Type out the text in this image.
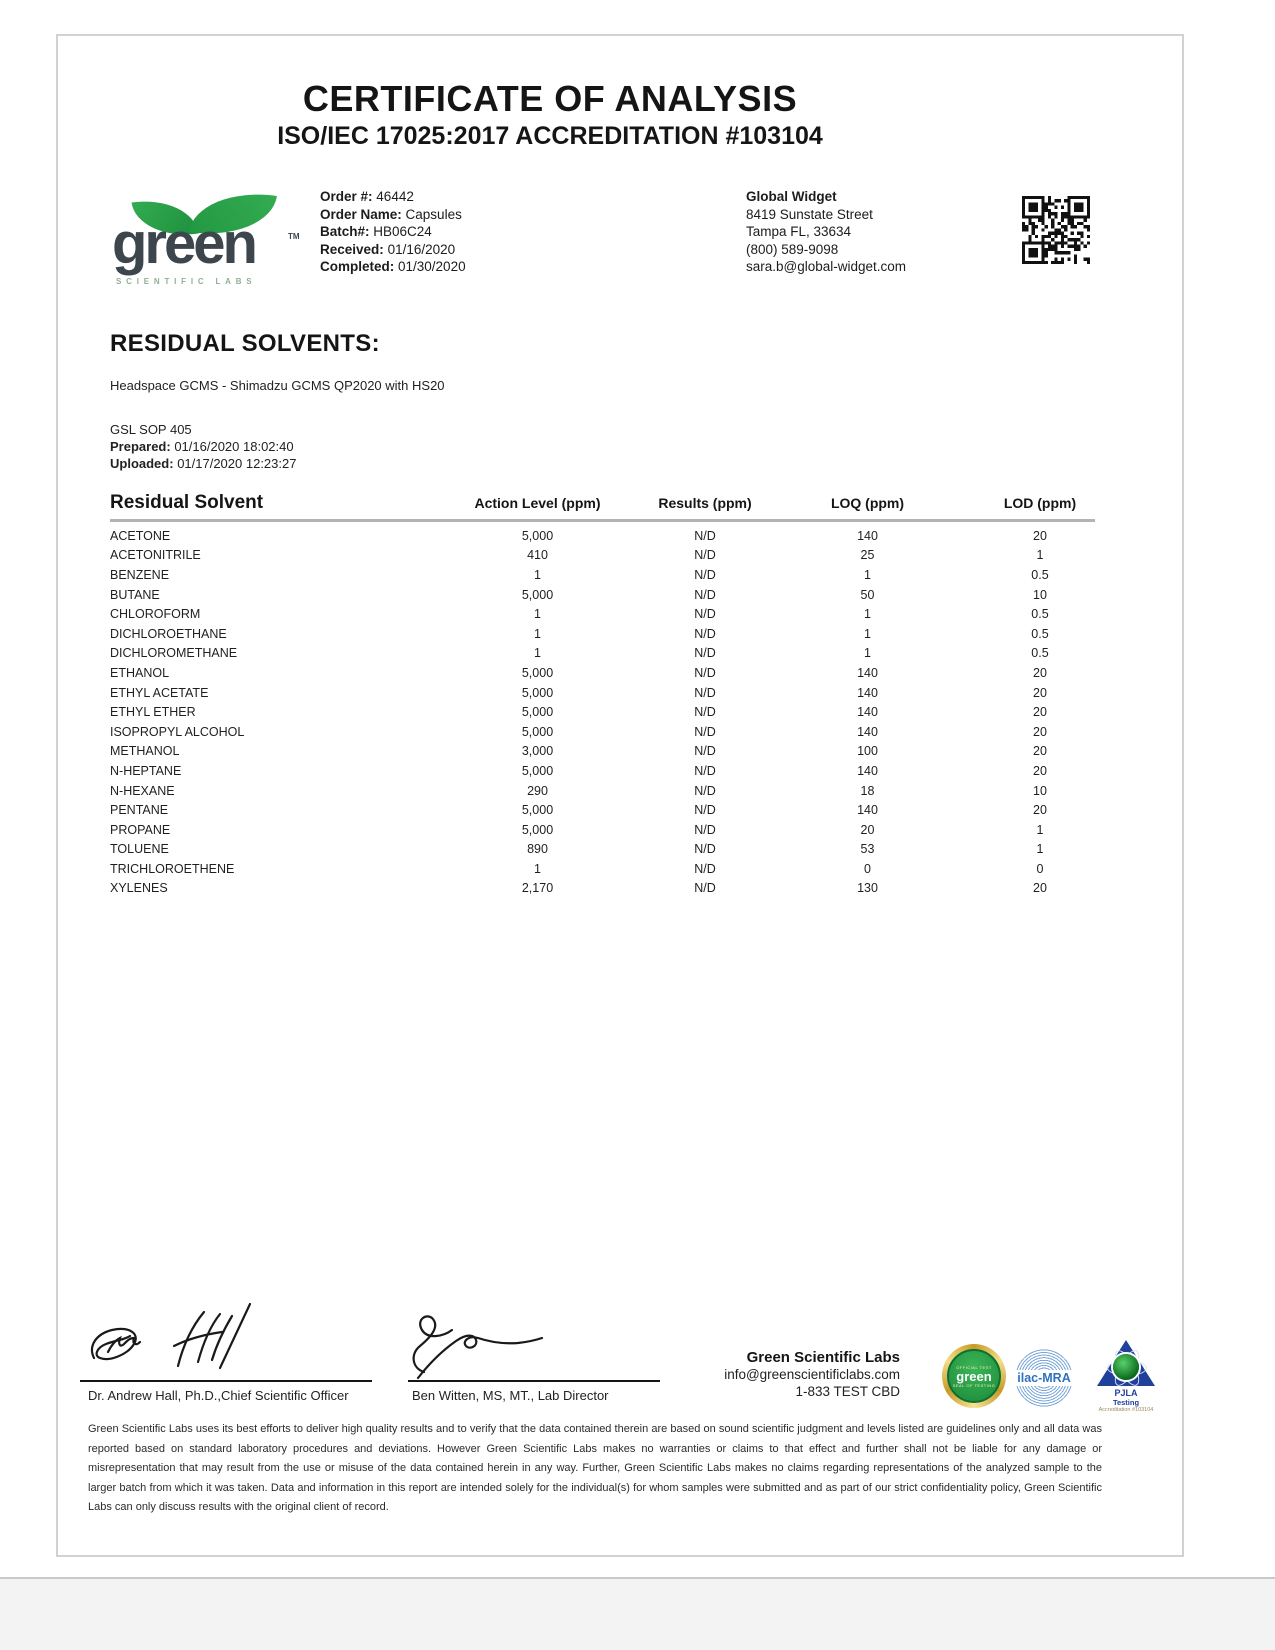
CERTIFICATE OF ANALYSIS
ISO/IEC 17025:2017 ACCREDITATION #103104
green	TM
SCIENTIFIC LABS
Order #: 46442
Order Name: Capsules
Batch#: HB06C24
Received: 01/16/2020
Completed: 01/30/2020
Global Widget
8419 Sunstate Street
Tampa FL, 33634
(800) 589-9098
sara.b@global-widget.com
RESIDUAL SOLVENTS:
Headspace GCMS - Shimadzu GCMS QP2020 with HS20
GSL SOP 405
Prepared: 01/16/2020 18:02:40
Uploaded: 01/17/2020 12:23:27
Residual Solvent	Action Level (ppm)	Results (ppm)	LOQ (ppm)	LOD (ppm)
ACETONE	5,000	N/D	140	20
ACETONITRILE	410	N/D	25	1
BENZENE	1	N/D	1	0.5
BUTANE	5,000	N/D	50	10
CHLOROFORM	1	N/D	1	0.5
DICHLOROETHANE	1	N/D	1	0.5
DICHLOROMETHANE	1	N/D	1	0.5
ETHANOL	5,000	N/D	140	20
ETHYL ACETATE	5,000	N/D	140	20
ETHYL ETHER	5,000	N/D	140	20
ISOPROPYL ALCOHOL	5,000	N/D	140	20
METHANOL	3,000	N/D	100	20
N-HEPTANE	5,000	N/D	140	20
N-HEXANE	290	N/D	18	10
PENTANE	5,000	N/D	140	20
PROPANE	5,000	N/D	20	1
TOLUENE	890	N/D	53	1
TRICHLOROETHENE	1	N/D	0	0
XYLENES	2,170	N/D	130	20
Dr. Andrew Hall, Ph.D.,Chief Scientific Officer	Ben Witten, MS, MT., Lab Director
Green Scientific Labs
info@greenscientificlabs.com
1-833 TEST CBD
OFFICIAL TEST
green
SEAL OF TESTING ilac-MRA
PJLA
Testing
Accreditation #103104
Green Scientific Labs uses its best efforts to deliver high quality results and to verify that the data contained therein are based on sound scientific judgment and levels listed are guidelines only and all data was reported based on standard laboratory procedures and deviations. However Green Scientific Labs makes no warranties or claims to that effect and further shall not be liable for any damage or misrepresentation that may result from the use or misuse of the data contained herein in any way. Further, Green Scientific Labs makes no claims regarding representations of the analyzed sample to the larger batch from which it was taken. Data and information in this report are intended solely for the individual(s) for whom samples were submitted and as part of our strict confidentiality policy, Green Scientific Labs can only discuss results with the original client of record.
